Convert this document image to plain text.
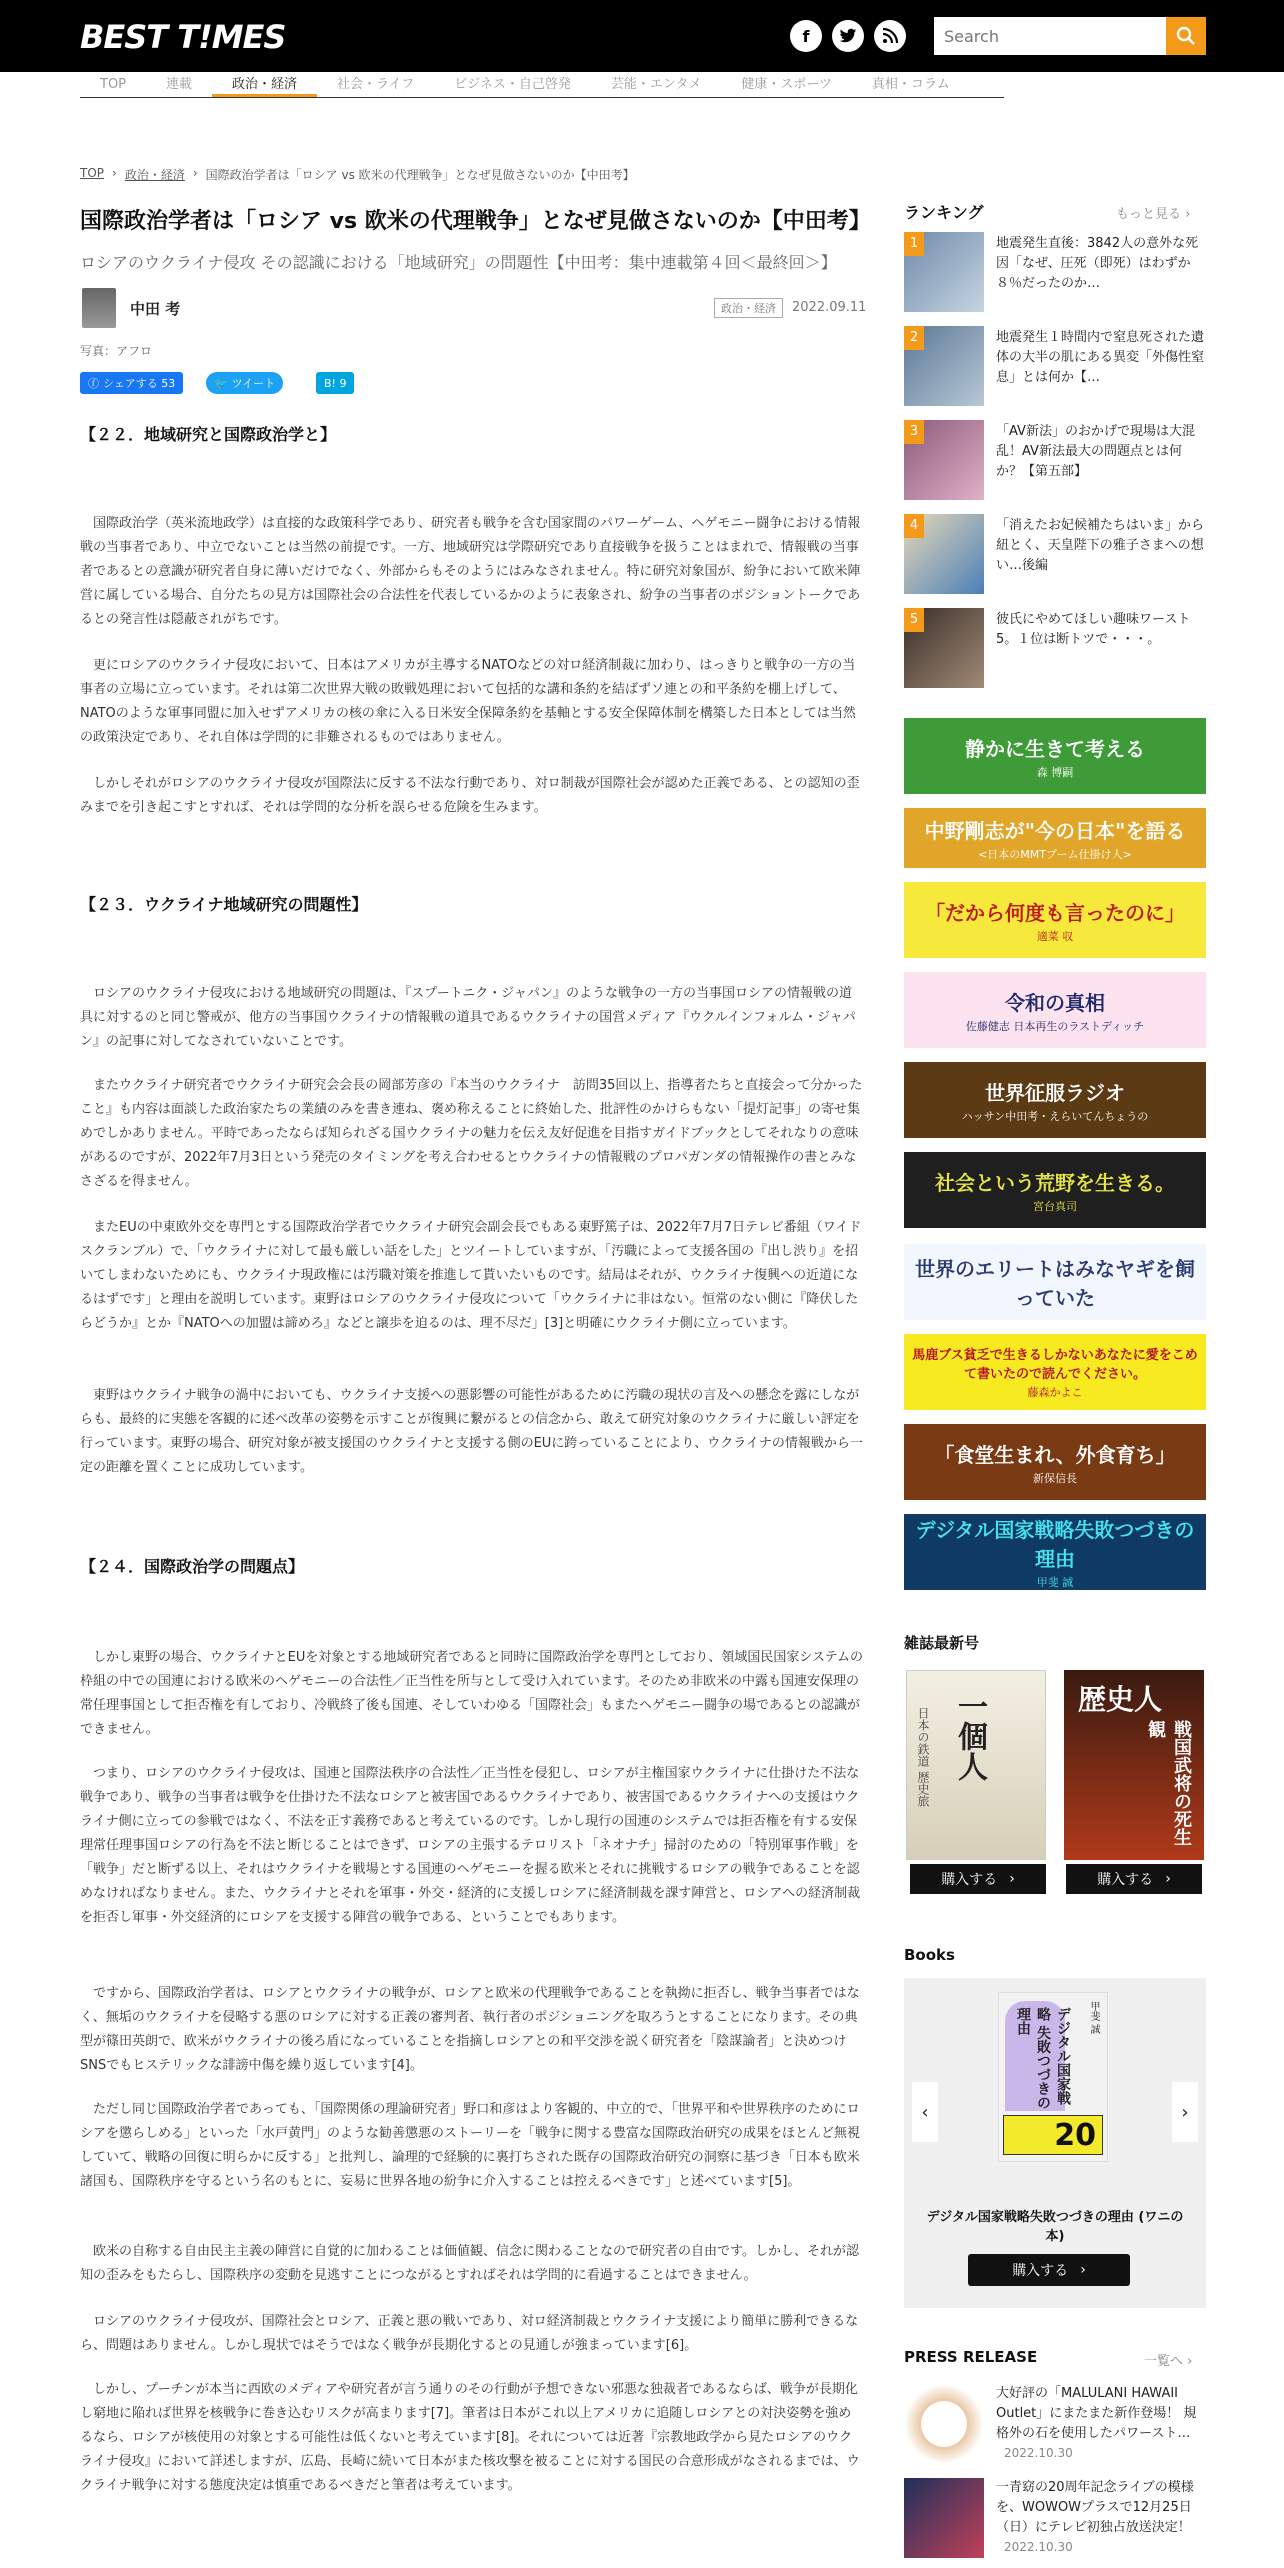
BEST T!MES	f
Search
TOP	連載	政治・経済	社会・ライフ	ビジネス・自己啓発	芸能・エンタメ	健康・スポーツ	真相・コラム
TOP › 政治・経済 › 国際政治学者は「ロシア vs 欧米の代理戦争」となぜ見做さないのか【中田考】
国際政治学者は「ロシア vs 欧米の代理戦争」となぜ見做さないのか【中田考】
ロシアのウクライナ侵攻 その認識における「地域研究」の問題性【中田考：集中連載第４回＜最終回＞】
中田 考	政治・経済	2022.09.11
写真：アフロ
ⓕ シェアする 53	🐦 ツイート	B! 9
【２２．地域研究と国際政治学と】

国際政治学（英米流地政学）は直接的な政策科学であり、研究者も戦争を含む国家間のパワーゲーム、ヘゲモニー闘争における情報戦の当事者であり、中立でないことは当然の前提です。一方、地域研究は学際研究であり直接戦争を扱うことはまれで、情報戦の当事者であるとの意識が研究者自身に薄いだけでなく、外部からもそのようにはみなされません。特に研究対象国が、紛争において欧米陣営に属している場合、自分たちの見方は国際社会の合法性を代表しているかのように表象され、紛争の当事者のポジショントークであるとの発言性は隠蔽されがちです。

更にロシアのウクライナ侵攻において、日本はアメリカが主導するNATOなどの対ロ経済制裁に加わり、はっきりと戦争の一方の当事者の立場に立っています。それは第二次世界大戦の敗戦処理において包括的な講和条約を結ばずソ連との和平条約を棚上げして、NATOのような軍事同盟に加入せずアメリカの核の傘に入る日米安全保障条約を基軸とする安全保障体制を構築した日本としては当然の政策決定であり、それ自体は学問的に非難されるものではありません。

しかしそれがロシアのウクライナ侵攻が国際法に反する不法な行動であり、対ロ制裁が国際社会が認めた正義である、との認知の歪みまでを引き起こすとすれば、それは学問的な分析を誤らせる危険を生みます。

【２３．ウクライナ地域研究の問題性】

ロシアのウクライナ侵攻における地域研究の問題は、『スプートニク・ジャパン』のような戦争の一方の当事国ロシアの情報戦の道具に対するのと同じ警戒が、他方の当事国ウクライナの情報戦の道具であるウクライナの国営メディア『ウクルインフォルム・ジャパン』の記事に対してなされていないことです。

またウクライナ研究者でウクライナ研究会会長の岡部芳彦の『本当のウクライナ　訪問35回以上、指導者たちと直接会って分かったこと』も内容は面談した政治家たちの業績のみを書き連ね、褒め称えることに終始した、批評性のかけらもない「提灯記事」の寄せ集めでしかありません。平時であったならば知られざる国ウクライナの魅力を伝え友好促進を目指すガイドブックとしてそれなりの意味があるのですが、2022年7月3日という発売のタイミングを考え合わせるとウクライナの情報戦のプロパガンダの情報操作の書とみなさざるを得ません。

またEUの中東欧外交を専門とする国際政治学者でウクライナ研究会副会長でもある東野篤子は、2022年7月7日テレビ番組（ワイドスクランブル）で、「ウクライナに対して最も厳しい話をした」とツイートしていますが、「汚職によって支援各国の『出し渋り』を招いてしまわないためにも、ウクライナ現政権には汚職対策を推進して貰いたいものです。結局はそれが、ウクライナ復興への近道になるはずです」と理由を説明しています。東野はロシアのウクライナ侵攻について「ウクライナに非はない。恒常のない側に『降伏したらどうか』とか『NATOへの加盟は諦めろ』などと譲歩を迫るのは、理不尽だ」[3]と明確にウクライナ側に立っています。

東野はウクライナ戦争の渦中においても、ウクライナ支援への悪影響の可能性があるために汚職の現状の言及への懸念を露にしながらも、最終的に実態を客観的に述べ改革の姿勢を示すことが復興に繋がるとの信念から、敢えて研究対象のウクライナに厳しい評定を行っています。東野の場合、研究対象が被支援国のウクライナと支援する側のEUに跨っていることにより、ウクライナの情報戦から一定の距離を置くことに成功しています。

【２４．国際政治学の問題点】

しかし東野の場合、ウクライナとEUを対象とする地域研究者であると同時に国際政治学を専門としており、領域国民国家システムの枠組の中での国連における欧米のヘゲモニーの合法性／正当性を所与として受け入れています。そのため非欧米の中露も国連安保理の常任理事国として拒否権を有しており、冷戦終了後も国連、そしていわゆる「国際社会」もまたヘゲモニー闘争の場であるとの認識ができません。

つまり、ロシアのウクライナ侵攻は、国連と国際法秩序の合法性／正当性を侵犯し、ロシアが主権国家ウクライナに仕掛けた不法な戦争であり、戦争の当事者は戦争を仕掛けた不法なロシアと被害国であるウクライナであり、被害国であるウクライナへの支援はウクライナ側に立っての参戦ではなく、不法を正す義務であると考えているのです。しかし現行の国連のシステムでは拒否権を有する安保理常任理事国ロシアの行為を不法と断じることはできず、ロシアの主張するテロリスト「ネオナチ」掃討のための「特別軍事作戦」を「戦争」だと断ずる以上、それはウクライナを戦場とする国連のヘゲモニーを握る欧米とそれに挑戦するロシアの戦争であることを認めなければなりません。また、ウクライナとそれを軍事・外交・経済的に支援しロシアに経済制裁を課す陣営と、ロシアへの経済制裁を拒否し軍事・外交経済的にロシアを支援する陣営の戦争である、ということでもあります。

ですから、国際政治学者は、ロシアとウクライナの戦争が、ロシアと欧米の代理戦争であることを執拗に拒否し、戦争当事者ではなく、無垢のウクライナを侵略する悪のロシアに対する正義の審判者、執行者のポジショニングを取ろうとすることになります。その典型が篠田英朗で、欧米がウクライナの後ろ盾になっていることを指摘しロシアとの和平交渉を説く研究者を「陰謀論者」と決めつけSNSでもヒステリックな誹謗中傷を繰り返しています[4]。

ただし同じ国際政治学者であっても、「国際関係の理論研究者」野口和彦はより客観的、中立的で、「世界平和や世界秩序のためにロシアを懲らしめる」といった「水戸黄門」のような勧善懲悪のストーリーを「戦争に関する豊富な国際政治研究の成果をほとんど無視していて、戦略の回復に明らかに反する」と批判し、論理的で経験的に裏打ちされた既存の国際政治研究の洞察に基づき「日本も欧米諸国も、国際秩序を守るという名のもとに、妄易に世界各地の紛争に介入することは控えるべきです」と述べています[5]。

欧米の自称する自由民主主義の陣営に自覚的に加わることは価値観、信念に関わることなので研究者の自由です。しかし、それが認知の歪みをもたらし、国際秩序の変動を見逃すことにつながるとすればそれは学問的に看過することはできません。

ロシアのウクライナ侵攻が、国際社会とロシア、正義と悪の戦いであり、対ロ経済制裁とウクライナ支援により簡単に勝利できるなら、問題はありません。しかし現状ではそうではなく戦争が長期化するとの見通しが強まっています[6]。

しかし、プーチンが本当に西欧のメディアや研究者が言う通りのその行動が予想できない邪悪な独裁者であるならば、戦争が長期化し窮地に陥れば世界を核戦争に巻き込むリスクが高まります[7]。筆者は日本がこれ以上アメリカに追随しロシアとの対決姿勢を強めるなら、ロシアが核使用の対象とする可能性は低くないと考えています[8]。それについては近著『宗教地政学から見たロシアのウクライナ侵攻』において詳述しますが、広島、長崎に続いて日本がまた核攻撃を被ることに対する国民の合意形成がなされるまでは、ウクライナ戦争に対する態度決定は慎重であるべきだと筆者は考えています。

ランキング	もっと見る ›
1	地震発生直後：3842人の意外な死因「なぜ、圧死（即死）はわずか８％だったのか…
2	地震発生１時間内で窒息死された遺体の大半の肌にある異変「外傷性窒息」とは何か【…
3	「AV新法」のおかげで現場は大混乱！AV新法最大の問題点とは何か？【第五部】
4	「消えたお妃候補たちはいま」から紐とく、天皇陛下の雅子さまへの想い…後編
5	彼氏にやめてほしい趣味ワースト5。１位は断トツで・・・。
静かに生きて考える
森 博嗣
中野剛志が"今の日本"を語る
<日本のMMTブーム仕掛け人>
「だから何度も言ったのに」
適菜 収
令和の真相
佐藤健志 日本再生のラストディッチ
世界征服ラジオ
ハッサン中田考・えらいてんちょうの
社会という荒野を生きる。
宮台真司
世界のエリートはみなヤギを飼っていた
馬鹿ブス貧乏で生きるしかないあなたに愛をこめて書いたので読んでください。
藤森かよこ
「食堂生まれ、外食育ち」
新保信長
デジタル国家戦略失敗つづきの理由
甲斐 誠
雑誌最新号
一個人
日本の鉄道 歴史旅
歴史人
戦国武将の死生観
購入する ›	購入する ›
Books
‹	›
デジタル国家戦略 失敗つづきの理由	甲斐 誠
20
デジタル国家戦略失敗つづきの理由 (ワニの本)
購入する ›
PRESS RELEASE	一覧へ ›
大好評の「MALULANI HAWAII Outlet」にまたまた新作登場！ 規格外の石を使用したパワースト…
2022.10.30
一青窈の20周年記念ライブの模様を、WOWOWプラスで12月25日（日）にテレビ初独占放送決定！
2022.10.30
